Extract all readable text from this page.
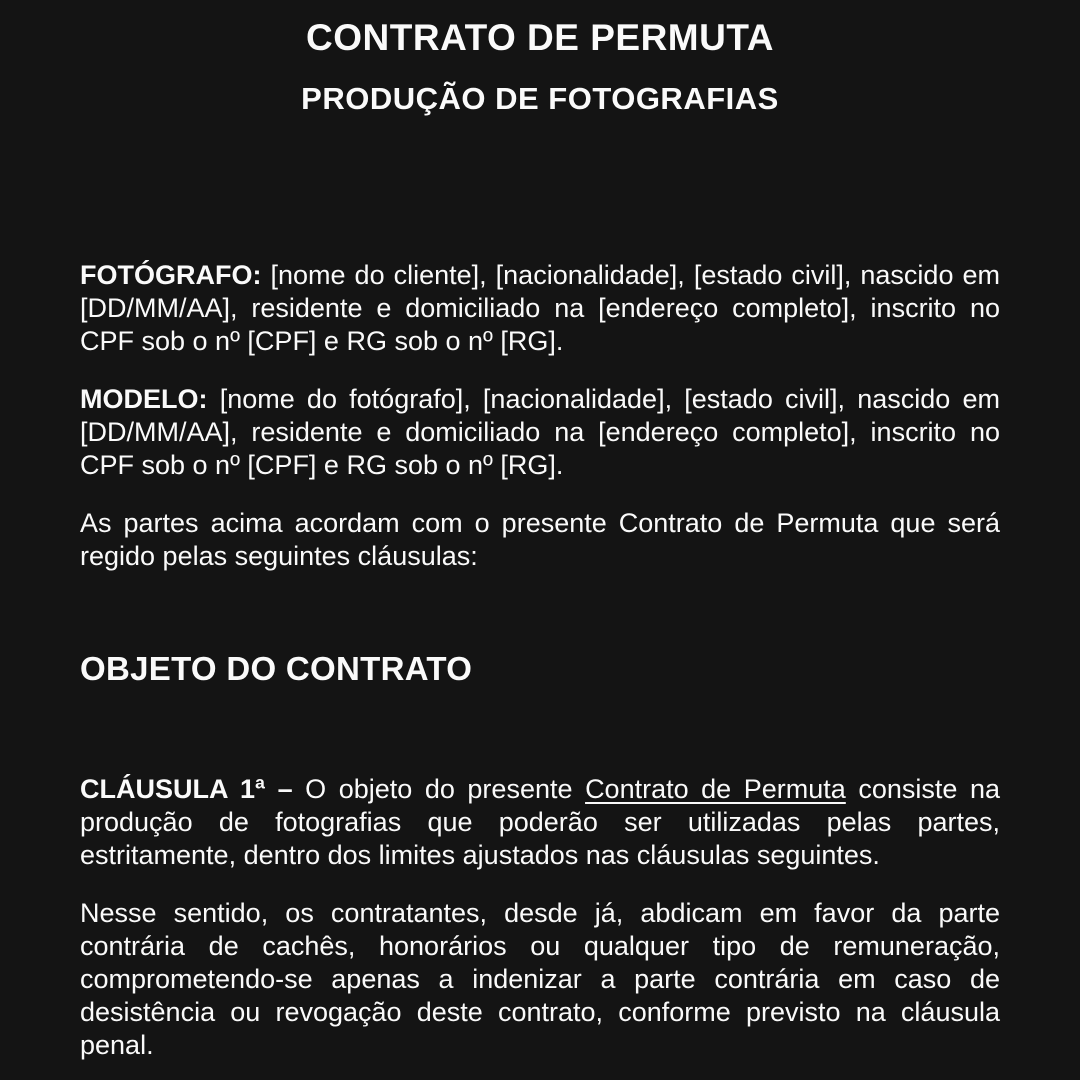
CONTRATO DE PERMUTA
PRODUÇÃO DE FOTOGRAFIAS

FOTÓGRAFO: [nome do cliente], [nacionalidade], [estado civil], nascido em [DD/MM/AA], residente e domiciliado na [endereço completo], inscrito no CPF sob o nº [CPF] e RG sob o nº [RG].

MODELO: [nome do fotógrafo], [nacionalidade], [estado civil], nascido em [DD/MM/AA], residente e domiciliado na [endereço completo], inscrito no CPF sob o nº [CPF] e RG sob o nº [RG].

As partes acima acordam com o presente Contrato de Permuta que será regido pelas seguintes cláusulas:

OBJETO DO CONTRATO

CLÁUSULA 1ª – O objeto do presente Contrato de Permuta consiste na produção de fotografias que poderão ser utilizadas pelas partes, estritamente, dentro dos limites ajustados nas cláusulas seguintes.

Nesse sentido, os contratantes, desde já, abdicam em favor da parte contrária de cachês, honorários ou qualquer tipo de remuneração, comprometendo-se apenas a indenizar a parte contrária em caso de desistência ou revogação deste contrato, conforme previsto na cláusula penal.
